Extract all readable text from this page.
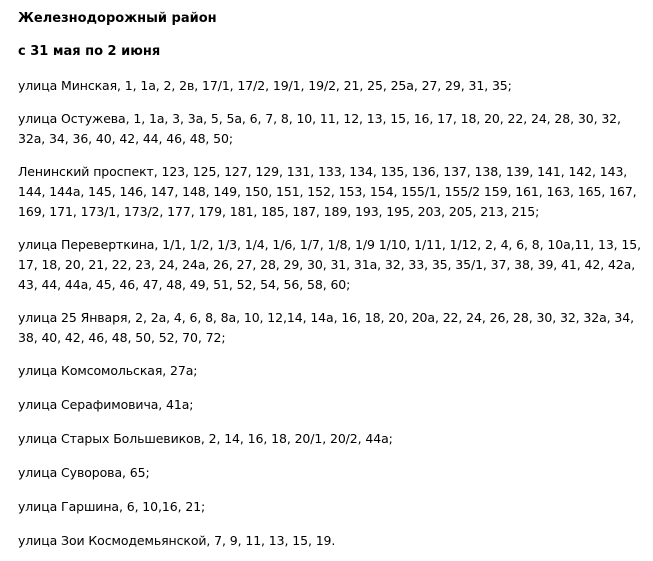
Железнодорожный район

с 31 мая по 2 июня

улица Минская, 1, 1а, 2, 2в, 17/1, 17/2, 19/1, 19/2, 21, 25, 25а, 27, 29, 31, 35;

улица Остужева, 1, 1а, 3, 3а, 5, 5а, 6, 7, 8, 10, 11, 12, 13, 15, 16, 17, 18, 20, 22, 24, 28, 30, 32, 32а, 34, 36, 40, 42, 44, 46, 48, 50;

Ленинский проспект, 123, 125, 127, 129, 131, 133, 134, 135, 136, 137, 138, 139, 141, 142, 143, 144, 144а, 145, 146, 147, 148, 149, 150, 151, 152, 153, 154, 155/1, 155/2 159, 161, 163, 165, 167, 169, 171, 173/1, 173/2, 177, 179, 181, 185, 187, 189, 193, 195, 203, 205, 213, 215;

улица Переверткина, 1/1, 1/2, 1/3, 1/4, 1/6, 1/7, 1/8, 1/9 1/10, 1/11, 1/12, 2, 4, 6, 8, 10а,11, 13, 15, 17, 18, 20, 21, 22, 23, 24, 24а, 26, 27, 28, 29, 30, 31, 31а, 32, 33, 35, 35/1, 37, 38, 39, 41, 42, 42а, 43, 44, 44а, 45, 46, 47, 48, 49, 51, 52, 54, 56, 58, 60;

улица 25 Января, 2, 2а, 4, 6, 8, 8а, 10, 12,14, 14а, 16, 18, 20, 20а, 22, 24, 26, 28, 30, 32, 32а, 34, 38, 40, 42, 46, 48, 50, 52, 70, 72;

улица Комсомольская, 27а;

улица Серафимовича, 41а;

улица Старых Большевиков, 2, 14, 16, 18, 20/1, 20/2, 44а;

улица Суворова, 65;

улица Гаршина, 6, 10,16, 21;

улица Зои Космодемьянской, 7, 9, 11, 13, 15, 19.
